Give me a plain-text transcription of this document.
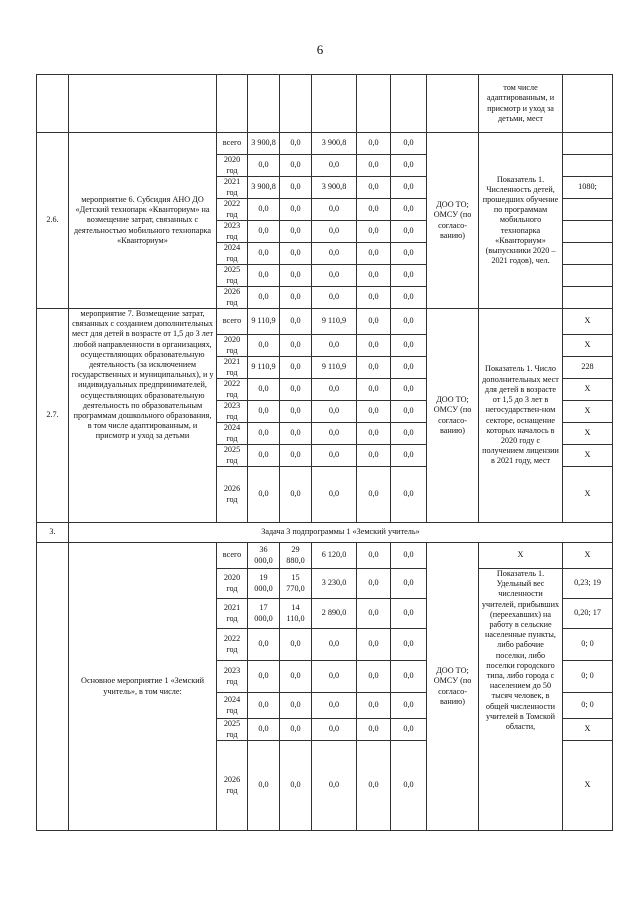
6
									том числе адаптированным, и присмотр и уход за детьми, мест	
2.6.	мероприятие 6. Субсидия АНО ДО «Детский технопарк «Кванториум» на возмещение затрат, связанных с деятельностью мобильного технопарка «Кванториум»	всего	3 900,8	0,0	3 900,8	0,0	0,0	ДОО ТО; ОМСУ (по согласо-ванию)	Показатель 1. Численность детей, прошедших обучение по программам мобильного технопарка «Кванториум» (выпускники 2020 – 2021 годов), чел.	
		2020 год	0,0	0,0	0,0	0,0	0,0			
		2021 год	3 900,8	0,0	3 900,8	0,0	0,0			1080;
		2022 год	0,0	0,0	0,0	0,0	0,0			
		2023 год	0,0	0,0	0,0	0,0	0,0			
		2024 год	0,0	0,0	0,0	0,0	0,0			
		2025 год	0,0	0,0	0,0	0,0	0,0			
		2026 год	0,0	0,0	0,0	0,0	0,0			
2.7.	мероприятие 7. Возмещение затрат, связанных с созданием дополнительных мест для детей в возрасте от 1,5 до 3 лет любой направленности в организациях, осуществляющих образовательную деятельность (за исключением государственных и муниципальных), и у индивидуальных предпринимателей, осуществляющих образовательную деятельность по образовательным программам дошкольного образования, в том числе адаптированным, и присмотр и уход за детьми	всего	9 110,9	0,0	9 110,9	0,0	0,0	ДОО ТО; ОМСУ (по согласо-ванию)	Показатель 1. Число дополнительных мест для детей в возрасте от 1,5 до 3 лет в негосударствен-ном секторе, оснащение которых началось в 2020 году с получением лицензии в 2021 году, мест	X
		2020 год	0,0	0,0	0,0	0,0	0,0			X
		2021 год	9 110,9	0,0	9 110,9	0,0	0,0			228
		2022 год	0,0	0,0	0,0	0,0	0,0			X
		2023 год	0,0	0,0	0,0	0,0	0,0			X
		2024 год	0,0	0,0	0,0	0,0	0,0			X
		2025 год	0,0	0,0	0,0	0,0	0,0			X
		2026 год	0,0	0,0	0,0	0,0	0,0			X
3.	Задача 3 подпрограммы 1 «Земский учитель»									
	Основное мероприятие 1 «Земский учитель», в том числе:	всего	36 000,0	29 880,0	6 120,0	0,0	0,0	ДОО ТО; ОМСУ (по согласо-ванию)	X	X
		2020 год	19 000,0	15 770,0	3 230,0	0,0	0,0		Показатель 1. Удельный вес численности учителей, прибывших (переехавших) на работу в сельские населенные пункты, либо рабочие поселки, либо поселки городского типа, либо города с населением до 50 тысяч человек, в общей численности учителей в Томской области,	0,23; 19
		2021 год	17 000,0	14 110,0	2 890,0	0,0	0,0			0,20; 17
		2022 год	0,0	0,0	0,0	0,0	0,0			0; 0
		2023 год	0,0	0,0	0,0	0,0	0,0			0; 0
		2024 год	0,0	0,0	0,0	0,0	0,0			0; 0
		2025 год	0,0	0,0	0,0	0,0	0,0			X
		2026 год	0,0	0,0	0,0	0,0	0,0			X
